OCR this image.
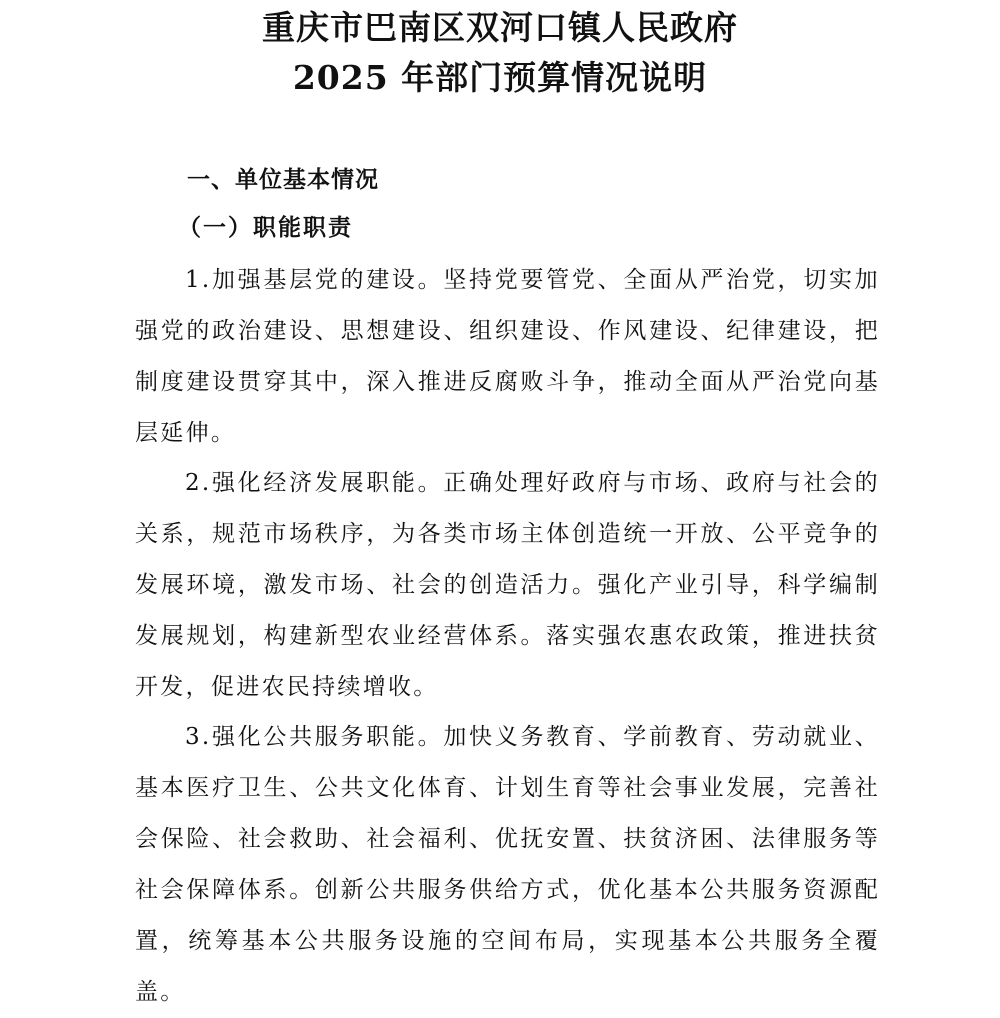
重庆市巴南区双河口镇人民政府
2025 年部门预算情况说明
一、单位基本情况
（一）职能职责

1.加强基层党的建设。坚持党要管党、全面从严治党，切实加强党的政治建设、思想建设、组织建设、作风建设、纪律建设，把制度建设贯穿其中，深入推进反腐败斗争，推动全面从严治党向基层延伸。

2.强化经济发展职能。正确处理好政府与市场、政府与社会的关系，规范市场秩序，为各类市场主体创造统一开放、公平竞争的发展环境，激发市场、社会的创造活力。强化产业引导，科学编制发展规划，构建新型农业经营体系。落实强农惠农政策，推进扶贫开发，促进农民持续增收。

3.强化公共服务职能。加快义务教育、学前教育、劳动就业、基本医疗卫生、公共文化体育、计划生育等社会事业发展，完善社会保险、社会救助、社会福利、优抚安置、扶贫济困、法律服务等社会保障体系。创新公共服务供给方式，优化基本公共服务资源配置，统筹基本公共服务设施的空间布局，实现基本公共服务全覆盖。
